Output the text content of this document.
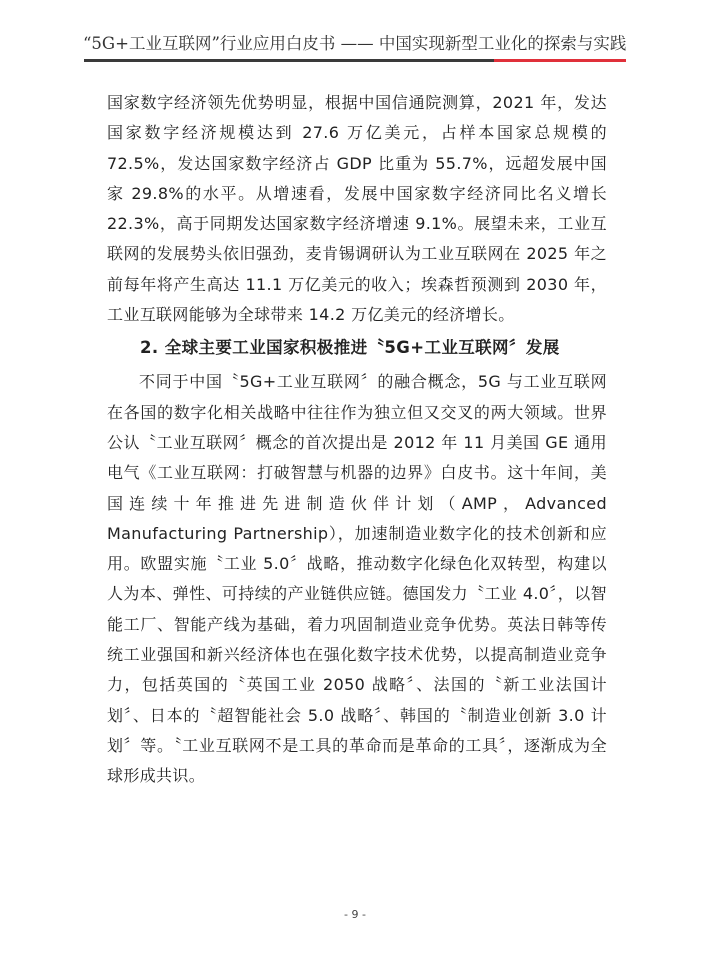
“5G+工业互联网”行业应用白皮书 —— 中国实现新型工业化的探索与实践

国家数字经济领先优势明显，根据中国信通院测算，2021 年，发达国家数字经济规模达到 27.6 万亿美元，占样本国家总规模的 72.5%，发达国家数字经济占 GDP 比重为 55.7%，远超发展中国家 29.8%的水平。从增速看，发展中国家数字经济同比名义增长 22.3%，高于同期发达国家数字经济增速 9.1%。展望未来，工业互联网的发展势头依旧强劲，麦肯锡调研认为工业互联网在 2025 年之前每年将产生高达 11.1 万亿美元的收入；埃森哲预测到 2030 年，工业互联网能够为全球带来 14.2 万亿美元的经济增长。

2. 全球主要工业国家积极推进〝5G+工业互联网〞发展

不同于中国〝5G+工业互联网〞的融合概念，5G 与工业互联网在各国的数字化相关战略中往往作为独立但又交叉的两大领域。世界公认〝工业互联网〞概念的首次提出是 2012 年 11 月美国 GE 通用电气《工业互联网：打破智慧与机器的边界》白皮书。这十年间，美国连续十年推进先进制造伙伴计划（AMP，Advanced Manufacturing Partnership），加速制造业数字化的技术创新和应用。欧盟实施〝工业 5.0〞战略，推动数字化绿色化双转型，构建以人为本、弹性、可持续的产业链供应链。德国发力〝工业 4.0〞，以智能工厂、智能产线为基础，着力巩固制造业竞争优势。英法日韩等传统工业强国和新兴经济体也在强化数字技术优势，以提高制造业竞争力，包括英国的〝英国工业 2050 战略〞、法国的〝新工业法国计划〞、日本的〝超智能社会 5.0 战略〞、韩国的〝制造业创新 3.0 计划〞等。〝工业互联网不是工具的革命而是革命的工具〞，逐渐成为全球形成共识。

- 9 -
